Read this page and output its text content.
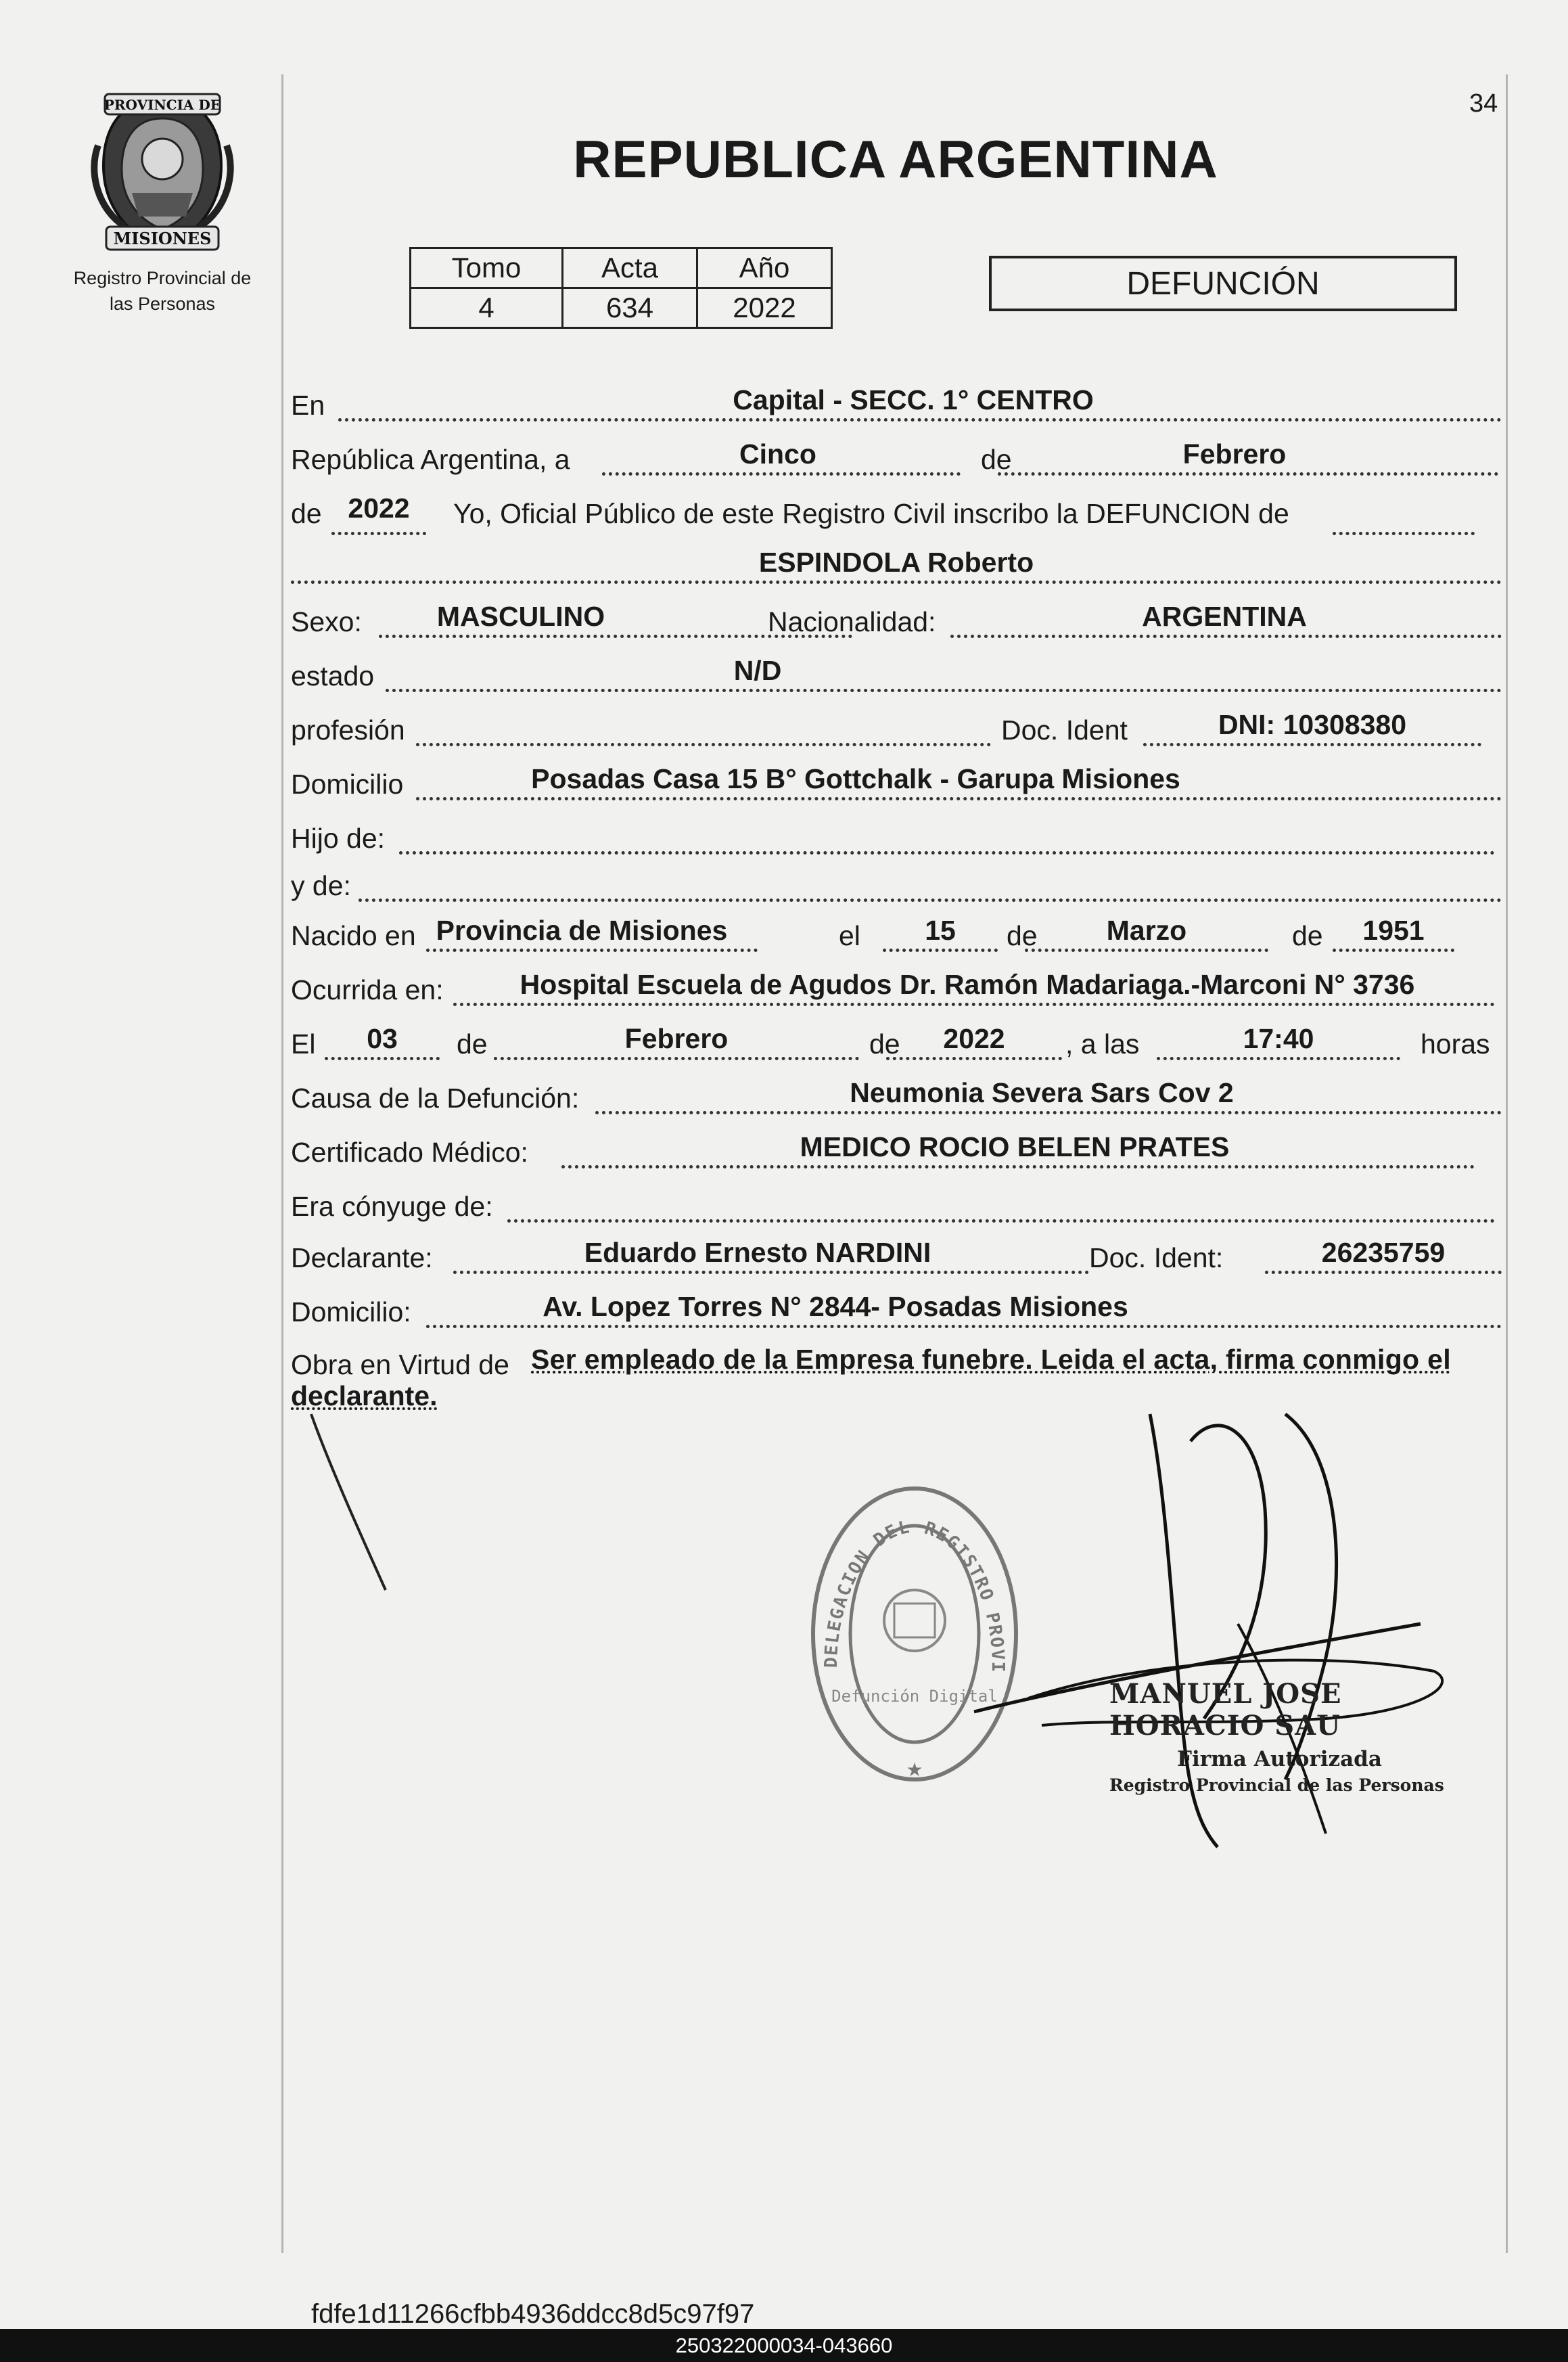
PROVINCIA DE
MISIONES
Registro Provincial de
las Personas
34
REPUBLICA ARGENTINA
Tomo	Acta	Año
4	634	2022
DEFUNCIÓN
En	Capital - SECC. 1° CENTRO
República Argentina, a	Cinco	de	Febrero
de 2022	Yo, Oficial Público de este Registro Civil inscribo la DEFUNCION de
ESPINDOLA Roberto
Sexo:	MASCULINO	Nacionalidad:	ARGENTINA
estado	N/D
profesión	Doc. Ident	DNI: 10308380
Domicilio	Posadas Casa 15 B° Gottchalk - Garupa Misiones
Hijo de:
y de:
Nacido en Provincia de Misiones	el	15	de	Marzo	de	1951
Ocurrida en:	Hospital Escuela de Agudos Dr. Ramón Madariaga.-Marconi N° 3736
El	03	de	Febrero	de	2022	, a las	17:40	horas
Causa de la Defunción:	Neumonia Severa Sars Cov 2
Certificado Médico:	MEDICO ROCIO BELEN PRATES
Era cónyuge de:
Declarante:	Eduardo Ernesto NARDINI	Doc. Ident:	26235759
Domicilio:	Av. Lopez Torres N° 2844- Posadas Misiones
Obra en Virtud de Ser empleado de la Empresa funebre. Leida el acta, firma conmigo el
declarante.
DELEGACION DEL REGISTRO PROVI
Defunción Digital
★
MANUEL JOSE HORACIO SAU
Firma Autorizada
Registro Provincial de las Personas
fdfe1d11266cfbb4936ddcc8d5c97f97
250322000034-043660
